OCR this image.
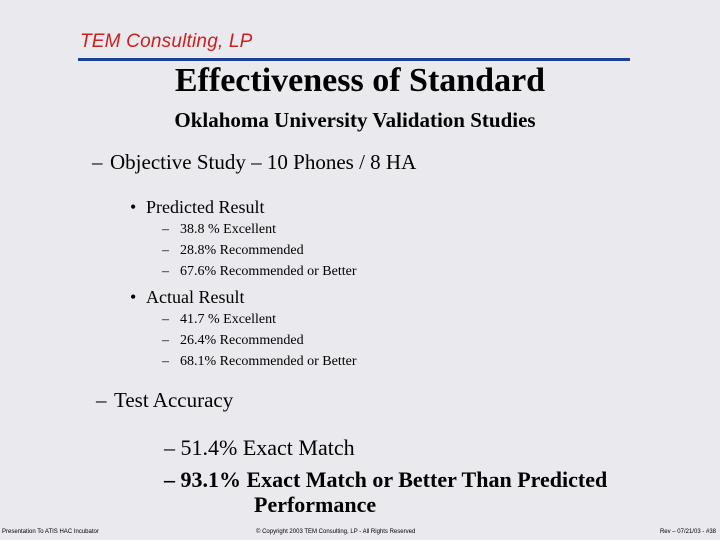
TEM Consulting, LP
Effectiveness of Standard
Oklahoma University Validation Studies
– Objective Study – 10 Phones / 8 HA
• Predicted Result
– 38.8 % Excellent
– 28.8% Recommended
– 67.6% Recommended or Better
• Actual Result
– 41.7 % Excellent
– 26.4% Recommended
– 68.1% Recommended or Better
– Test Accuracy
– 51.4% Exact Match
– 93.1% Exact Match or Better Than Predicted
Performance
Presentation To ATIS HAC Incubator	© Copyright 2003 TEM Consulting, LP - All Rights Reserved	Rev – 07/21/03 - #38
